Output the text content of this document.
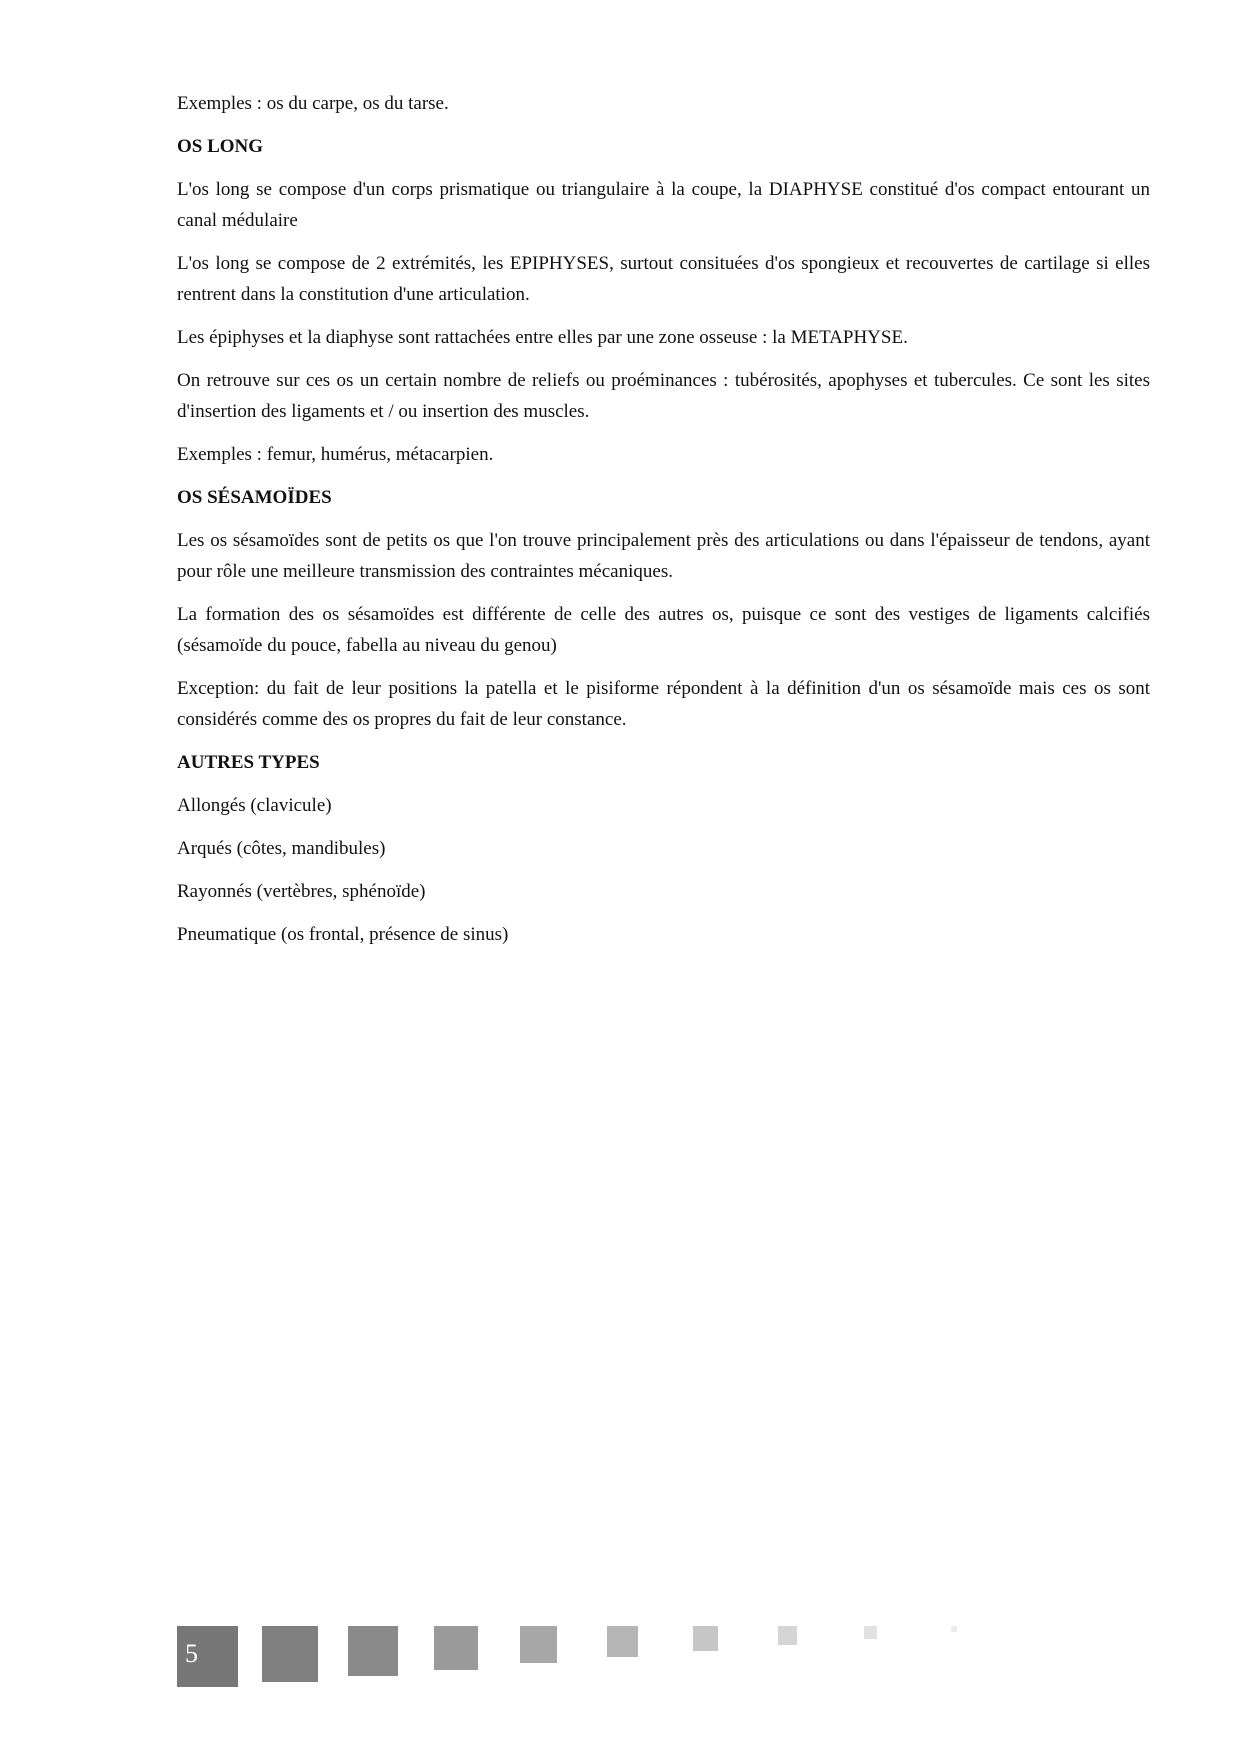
Exemples : os du carpe, os du tarse.

OS LONG

L'os long se compose d'un corps prismatique ou triangulaire à la coupe, la DIAPHYSE constitué d'os compact entourant un canal médulaire

L'os long se compose de 2 extrémités, les EPIPHYSES, surtout consituées d'os spongieux et recouvertes de cartilage si elles rentrent dans la constitution d'une articulation.

Les épiphyses et la diaphyse sont rattachées entre elles par une zone osseuse : la METAPHYSE.

On retrouve sur ces os un certain nombre de reliefs ou proéminances : tubérosités, apophyses et tubercules. Ce sont les sites d'insertion des ligaments et / ou insertion des muscles.

Exemples : femur, humérus, métacarpien.

OS SÉSAMOÏDES

Les os sésamoïdes sont de petits os que l'on trouve principalement près des articulations ou dans l'épaisseur de tendons, ayant pour rôle une meilleure transmission des contraintes mécaniques.

La formation des os sésamoïdes est différente de celle des autres os, puisque ce sont des vestiges de ligaments calcifiés (sésamoïde du pouce, fabella au niveau du genou)

Exception: du fait de leur positions la patella et le pisiforme répondent à la définition d'un os sésamoïde mais ces os sont considérés comme des os propres du fait de leur constance.

AUTRES TYPES

Allongés (clavicule)

Arqués (côtes, mandibules)

Rayonnés (vertèbres, sphénoïde)

Pneumatique (os frontal, présence de sinus)

5
